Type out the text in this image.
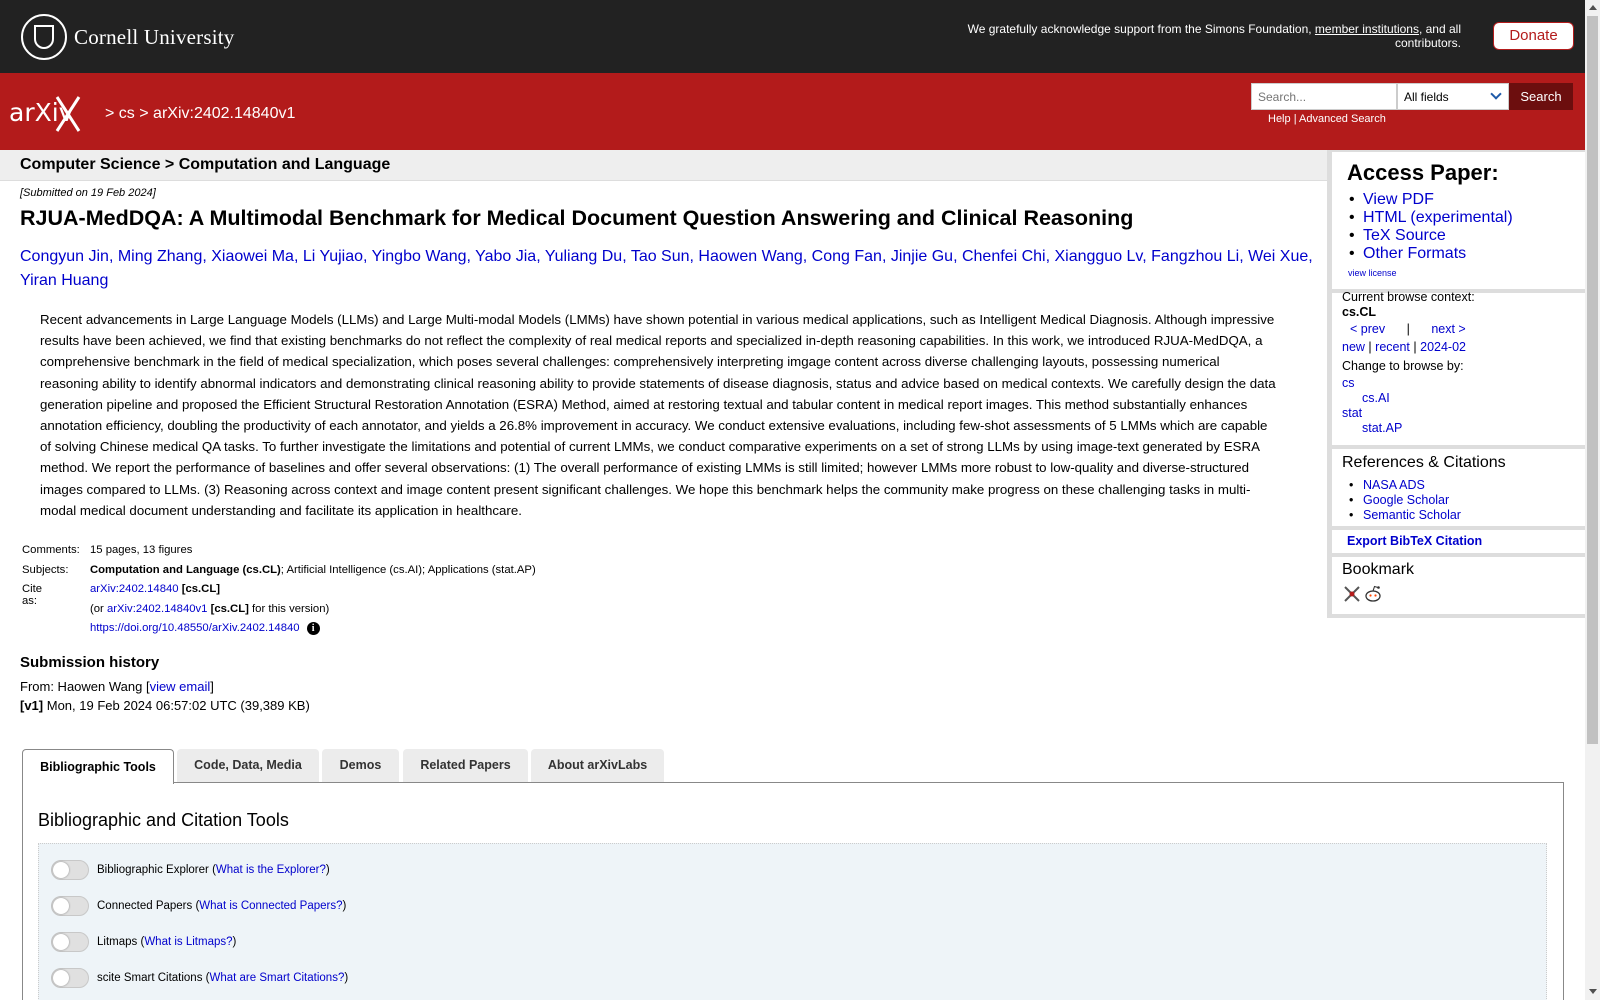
Cornell University	We gratefully acknowledge support from the Simons Foundation, member institutions, and all contributors.	Donate
arXiv > cs > arXiv:2402.14840v1
Search...
All fields	Search
Help | Advanced Search
Computer Science > Computation and Language
[Submitted on 19 Feb 2024]
RJUA-MedDQA: A Multimodal Benchmark for Medical Document Question Answering and Clinical Reasoning
Congyun Jin, Ming Zhang, Xiaowei Ma, Li Yujiao, Yingbo Wang, Yabo Jia, Yuliang Du, Tao Sun, Haowen Wang, Cong Fan, Jinjie Gu, Chenfei Chi, Xiangguo Lv, Fangzhou Li, Wei Xue, Yiran Huang
Recent advancements in Large Language Models (LLMs) and Large Multi-modal Models (LMMs) have shown potential in various medical applications, such as Intelligent Medical Diagnosis. Although impressive results have been achieved, we find that existing benchmarks do not reflect the complexity of real medical reports and specialized in-depth reasoning capabilities. In this work, we introduced RJUA-MedDQA, a comprehensive benchmark in the field of medical specialization, which poses several challenges: comprehensively interpreting imgage content across diverse challenging layouts, possessing numerical reasoning ability to identify abnormal indicators and demonstrating clinical reasoning ability to provide statements of disease diagnosis, status and advice based on medical contexts. We carefully design the data generation pipeline and proposed the Efficient Structural Restoration Annotation (ESRA) Method, aimed at restoring textual and tabular content in medical report images. This method substantially enhances annotation efficiency, doubling the productivity of each annotator, and yields a 26.8% improvement in accuracy. We conduct extensive evaluations, including few-shot assessments of 5 LMMs which are capable of solving Chinese medical QA tasks. To further investigate the limitations and potential of current LMMs, we conduct comparative experiments on a set of strong LLMs by using image-text generated by ESRA method. We report the performance of baselines and offer several observations: (1) The overall performance of existing LMMs is still limited; however LMMs more robust to low-quality and diverse-structured images compared to LLMs. (3) Reasoning across context and image content present significant challenges. We hope this benchmark helps the community make progress on these challenging tasks in multi-modal medical document understanding and facilitate its application in healthcare.
Comments: 15 pages, 13 figures
Subjects: Computation and Language (cs.CL); Artificial Intelligence (cs.AI); Applications (stat.AP)
Cite as:
arXiv:2402.14840 [cs.CL]
(or arXiv:2402.14840v1 [cs.CL] for this version)
https://doi.org/10.48550/arXiv.2402.14840 i
Submission history
From: Haowen Wang [view email]
[v1] Mon, 19 Feb 2024 06:57:02 UTC (39,389 KB)
Bibliographic Tools	Code, Data, Media	Demos	Related Papers	About arXivLabs
Bibliographic and Citation Tools
Bibliographic Explorer ( What is the Explorer? )
Connected Papers ( What is Connected Papers? )
Litmaps ( What is Litmaps? )
scite Smart Citations ( What are Smart Citations? )
Access Paper:
• View PDF
• HTML (experimental)
• TeX Source
• Other Formats
view license
Current browse context:
cs.CL
< prev | next >
new | recent | 2024-02
Change to browse by:
cs
cs.AI
stat
stat.AP
References & Citations
• NASA ADS
• Google Scholar
• Semantic Scholar
Export BibTeX Citation
Bookmark
